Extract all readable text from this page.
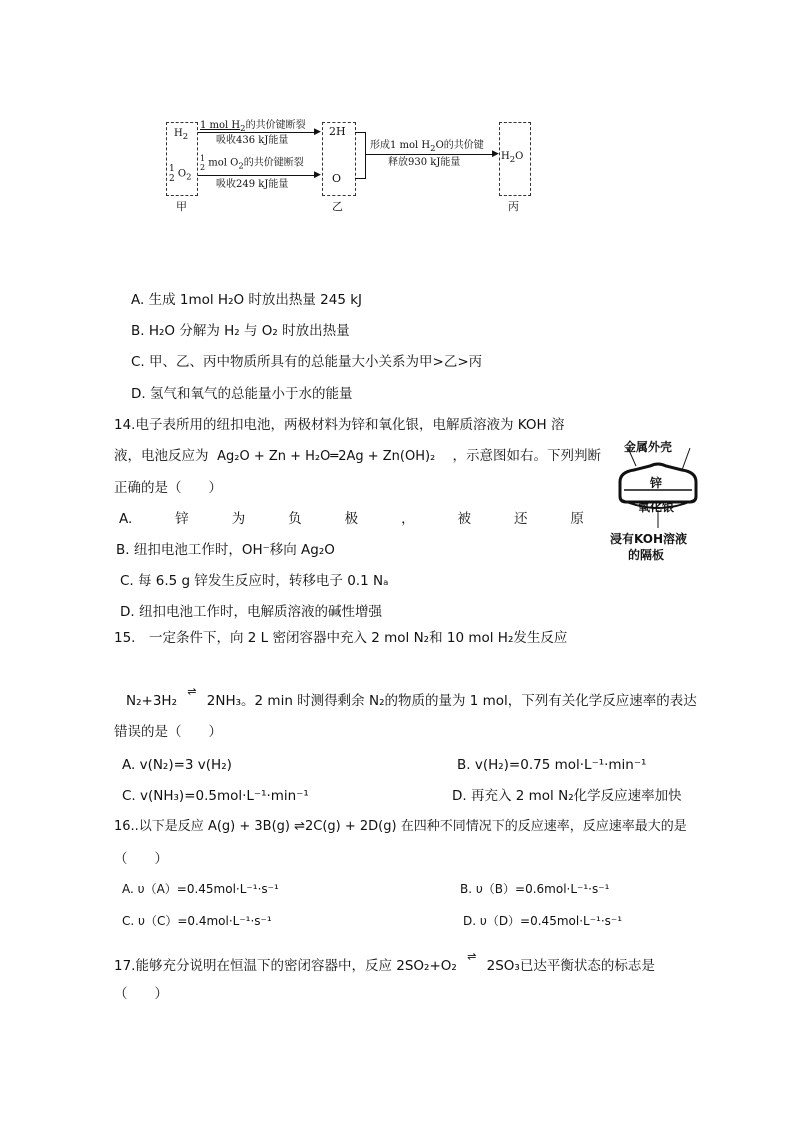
$H_2$
1
2 $O_2$
1 mol $H_2$的共价键断裂
▶
吸收436 kJ能量
1
2 mol $O_2$的共价键断裂
▶
吸收249 kJ能量
2H
O
形成1 mol $H_2O$的共价键
▶
释放930 kJ能量
$H_2O$
甲	乙	丙
A. 生成 1mol H₂O 时放出热量 245 kJ
B. H₂O 分解为 H₂ 与 O₂ 时放出热量
C. 甲、乙、丙中物质所具有的总能量大小关系为甲>乙>丙
D. 氢气和氧气的总能量小于水的能量
14.电子表所用的纽扣电池，两极材料为锌和氧化银，电解质溶液为 KOH 溶
液，电池反应为 Ag₂O + Zn + H₂O═2Ag + Zn(OH)₂ ，示意图如右。下列判断
正确的是（　　）
A.	锌	为	负	极	，	被	还	原
B. 纽扣电池工作时，OH⁻移向 Ag₂O
C. 每 6.5 g 锌发生反应时，转移电子 0.1 Nₐ
D. 纽扣电池工作时，电解质溶液的碱性增强
金属外壳
锌
氧化银
浸有KOH溶液
的隔板
15.　一定条件下，向 2 L 密闭容器中充入 2 mol N₂和 10 mol H₂发生反应
N₂+3H₂ ⇌ 2NH₃。2 min 时测得剩余 N₂的物质的量为 1 mol，下列有关化学反应速率的表达
错误的是（　　）
A. v(N₂)=3 v(H₂)	B. v(H₂)=0.75 mol·L⁻¹·min⁻¹
C. v(NH₃)=0.5mol·L⁻¹·min⁻¹	D. 再充入 2 mol N₂化学反应速率加快
16..以下是反应 A(g) + 3B(g) ⇌2C(g) + 2D(g) 在四种不同情况下的反应速率，反应速率最大的是
（　　）
A. υ（A）=0.45mol·L⁻¹·s⁻¹	B. υ（B）=0.6mol·L⁻¹·s⁻¹
C. υ（C）=0.4mol·L⁻¹·s⁻¹	D. υ（D）=0.45mol·L⁻¹·s⁻¹
17.能够充分说明在恒温下的密闭容器中，反应 2SO₂+O₂ ⇌ 2SO₃已达平衡状态的标志是
（　　）
